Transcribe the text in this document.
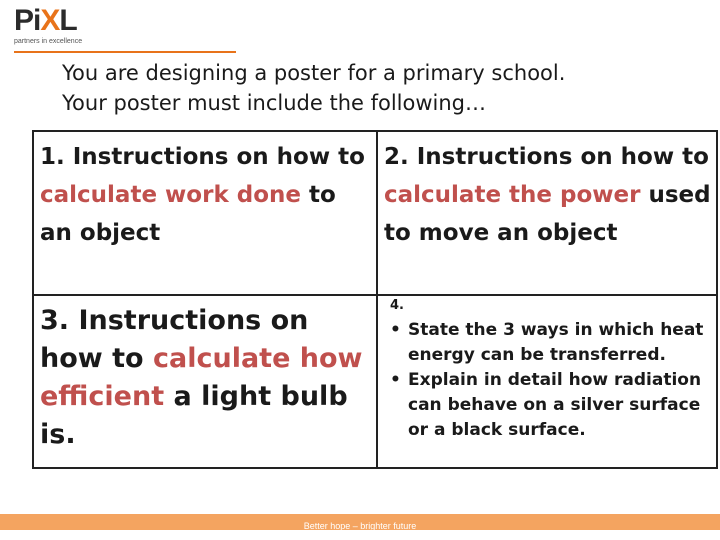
PiXL
partners in excellence
You are designing a poster for a primary school.
Your poster must include the following…
1. Instructions on how to calculate work done to an object
2. Instructions on how to calculate the power used to move an object
3. Instructions on how to calculate how efficient a light bulb is.
4.
• State the 3 ways in which heat energy can be transferred.
• Explain in detail how radiation can behave on a silver surface or a black surface.
Better hope – brighter future
